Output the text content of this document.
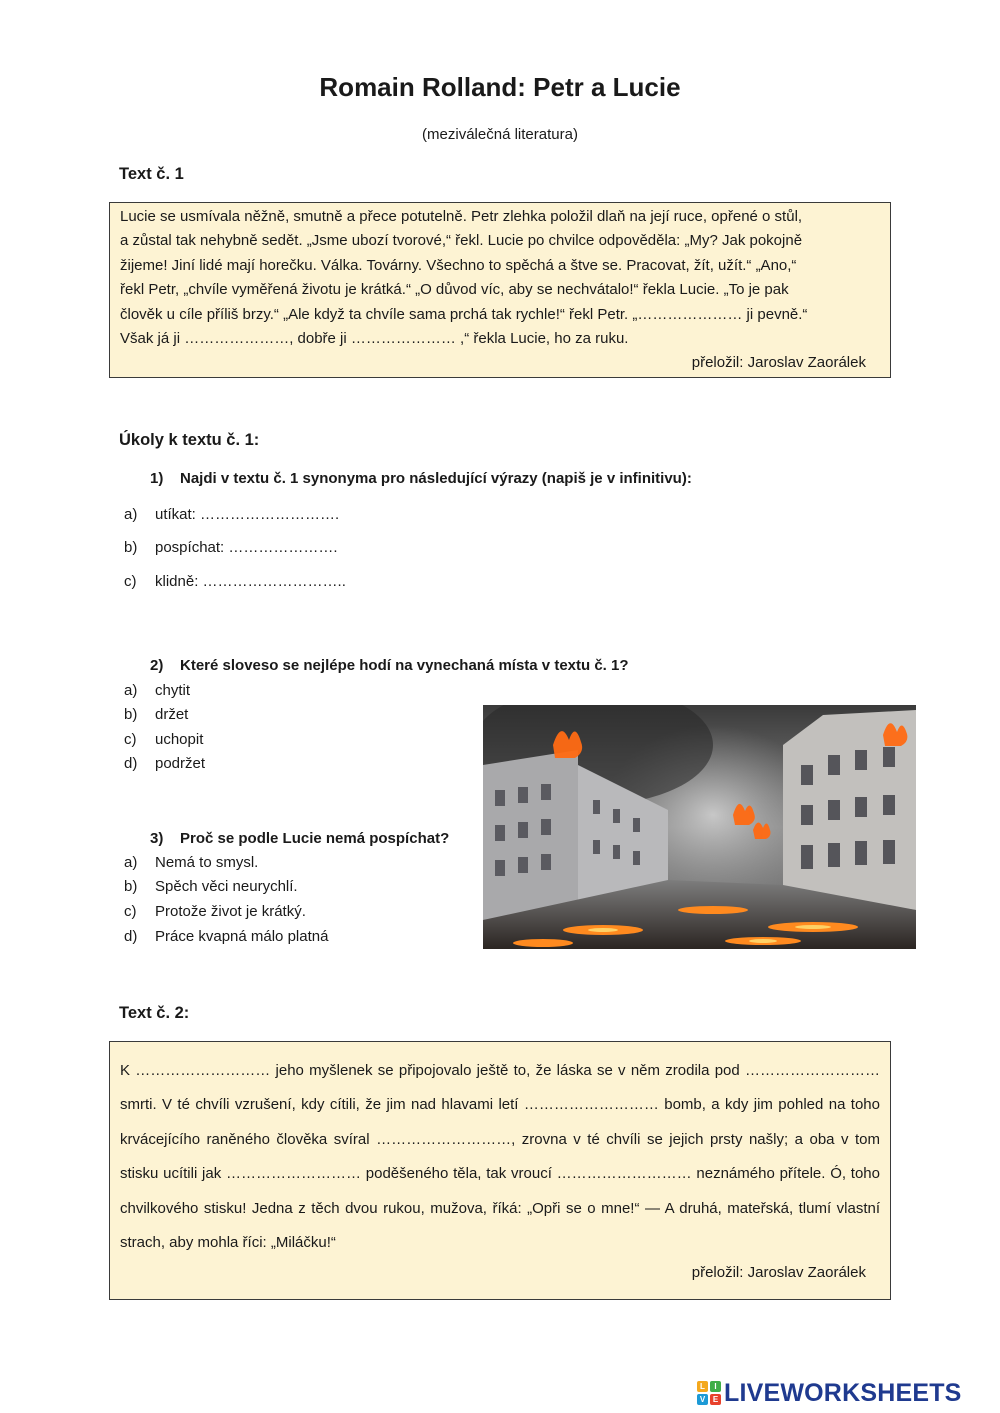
Romain Rolland: Petr a Lucie
(meziválečná literatura)
Text č. 1
Lucie se usmívala něžně, smutně a přece potutelně. Petr zlehka položil dlaň na její ruce, opřené o stůl,
a zůstal tak nehybně sedět. „Jsme ubozí tvorové,“ řekl. Lucie po chvilce odpověděla: „My? Jak pokojně
žijeme! Jiní lidé mají horečku. Válka. Továrny. Všechno to spěchá a štve se. Pracovat, žít, užít.“ „Ano,“
řekl Petr, „chvíle vyměřená životu je krátká.“ „O důvod víc, aby se nechvátalo!“ řekla Lucie. „To je pak
člověk u cíle příliš brzy.“ „Ale když ta chvíle sama prchá tak rychle!“ řekl Petr. „………………… ji pevně.“
Však já ji …………………, dobře ji ………………… ,“ řekla Lucie, ho za ruku.
přeložil: Jaroslav Zaorálek
Úkoly k textu č. 1:
1) Najdi v textu č. 1 synonyma pro následující výrazy (napiš je v infinitivu):
a) utíkat: ……………………….
b) pospíchat: ………………….
c) klidně: ………………………..
2) Které sloveso se nejlépe hodí na vynechaná místa v textu č. 1?
a) chytit
b) držet
c) uchopit
d) podržet
3) Proč se podle Lucie nemá pospíchat?
a) Nemá to smysl.
b) Spěch věci neurychlí.
c) Protože život je krátký.
d) Práce kvapná málo platná
Text č. 2:
K ……………………… jeho myšlenek se připojovalo ještě to, že láska se v něm zrodila pod ……………………… smrti. V té chvíli vzrušení, kdy cítili, že jim nad hlavami letí ……………………… bomb, a kdy jim pohled na toho krvácejícího raněného člověka svíral ………………………, zrovna v té chvíli se jejich prsty našly; a oba v tom stisku ucítili jak ……………………… poděšeného těla, tak vroucí ……………………… neznámého přítele. Ó, toho chvilkového stisku! Jedna z těch dvou rukou, mužova, říká: „Opři se o mne!“ — A druhá, mateřská, tlumí vlastní strach, aby mohla říci: „Miláčku!“
přeložil: Jaroslav Zaorálek
L	I
V E LIVEWORKSHEETS
